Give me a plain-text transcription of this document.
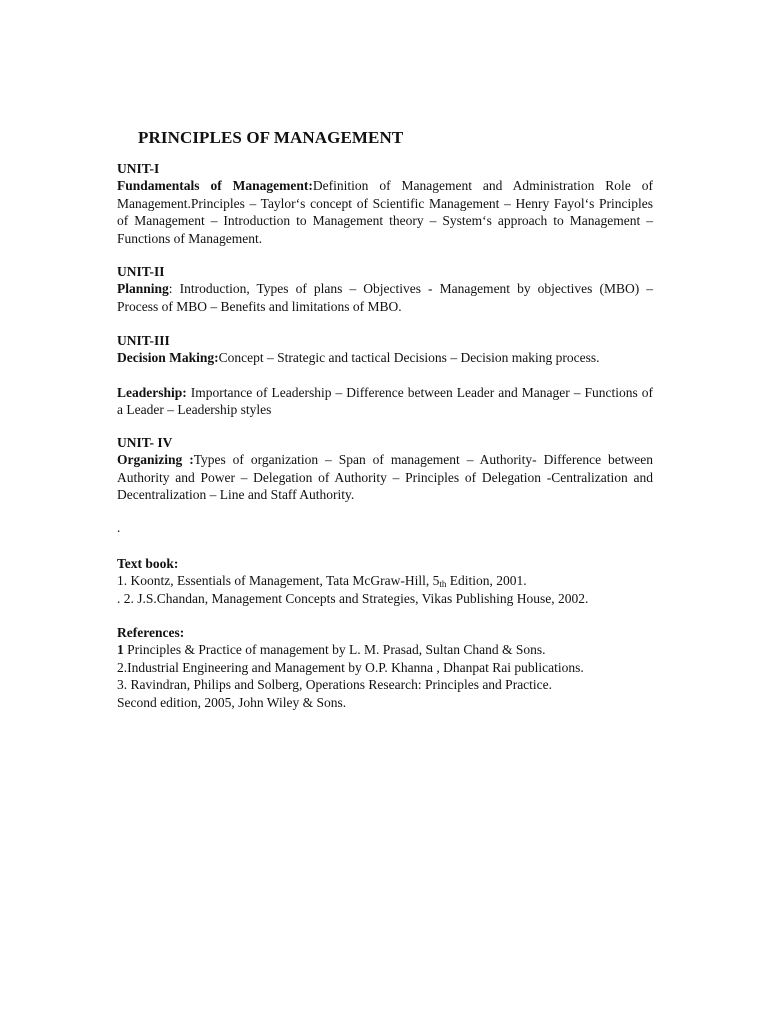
PRINCIPLES OF MANAGEMENT

UNIT-I

Fundamentals of Management:Definition of Management and Administration Role of Management.Principles – Taylor‘s concept of Scientific Management – Henry Fayol‘s Principles of Management – Introduction to Management theory – System‘s approach to Management – Functions of Management.

UNIT-II

Planning: Introduction, Types of plans – Objectives - Management by objectives (MBO) – Process of MBO – Benefits and limitations of MBO.

UNIT-III

Decision Making:Concept – Strategic and tactical Decisions – Decision making process.

Leadership: Importance of Leadership – Difference between Leader and Manager – Functions of a Leader – Leadership styles

UNIT- IV

Organizing :Types of organization – Span of management – Authority- Difference between Authority and Power – Delegation of Authority – Principles of Delegation -Centralization and Decentralization – Line and Staff Authority.

.

Text book:

1. Koontz, Essentials of Management, Tata McGraw-Hill, $5_{th}$ Edition, 2001.

. 2. J.S.Chandan, Management Concepts and Strategies, Vikas Publishing House, 2002.

References:

1 Principles & Practice of management by L. M. Prasad, Sultan Chand & Sons.

2.Industrial Engineering and Management by O.P. Khanna , Dhanpat Rai publications.

3. Ravindran, Philips and Solberg, Operations Research: Principles and Practice.

Second edition, 2005, John Wiley & Sons.
